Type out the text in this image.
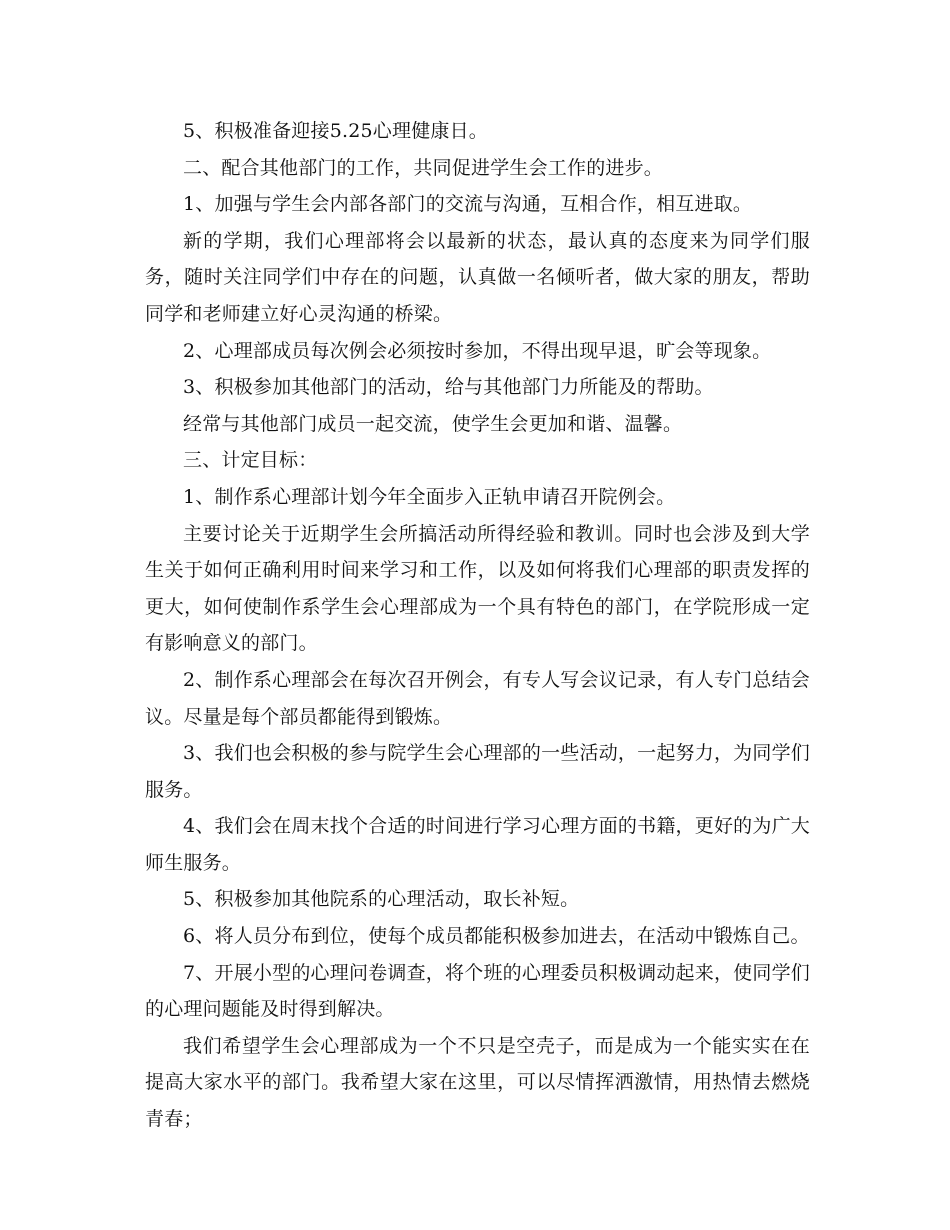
5、积极准备迎接5.25心理健康日。

二、配合其他部门的工作，共同促进学生会工作的进步。

1、加强与学生会内部各部门的交流与沟通，互相合作，相互进取。

新的学期，我们心理部将会以最新的状态，最认真的态度来为同学们服务，随时关注同学们中存在的问题，认真做一名倾听者，做大家的朋友，帮助同学和老师建立好心灵沟通的桥梁。

2、心理部成员每次例会必须按时参加，不得出现早退，旷会等现象。

3、积极参加其他部门的活动，给与其他部门力所能及的帮助。

经常与其他部门成员一起交流，使学生会更加和谐、温馨。

三、计定目标：

1、制作系心理部计划今年全面步入正轨申请召开院例会。

主要讨论关于近期学生会所搞活动所得经验和教训。同时也会涉及到大学生关于如何正确利用时间来学习和工作，以及如何将我们心理部的职责发挥的更大，如何使制作系学生会心理部成为一个具有特色的部门，在学院形成一定有影响意义的部门。

2、制作系心理部会在每次召开例会，有专人写会议记录，有人专门总结会议。尽量是每个部员都能得到锻炼。

3、我们也会积极的参与院学生会心理部的一些活动，一起努力，为同学们服务。

4、我们会在周末找个合适的时间进行学习心理方面的书籍，更好的为广大师生服务。

5、积极参加其他院系的心理活动，取长补短。

6、将人员分布到位，使每个成员都能积极参加进去，在活动中锻炼自己。

7、开展小型的心理问卷调查，将个班的心理委员积极调动起来，使同学们的心理问题能及时得到解决。

我们希望学生会心理部成为一个不只是空壳子，而是成为一个能实实在在提高大家水平的部门。我希望大家在这里，可以尽情挥洒激情，用热情去燃烧青春；
